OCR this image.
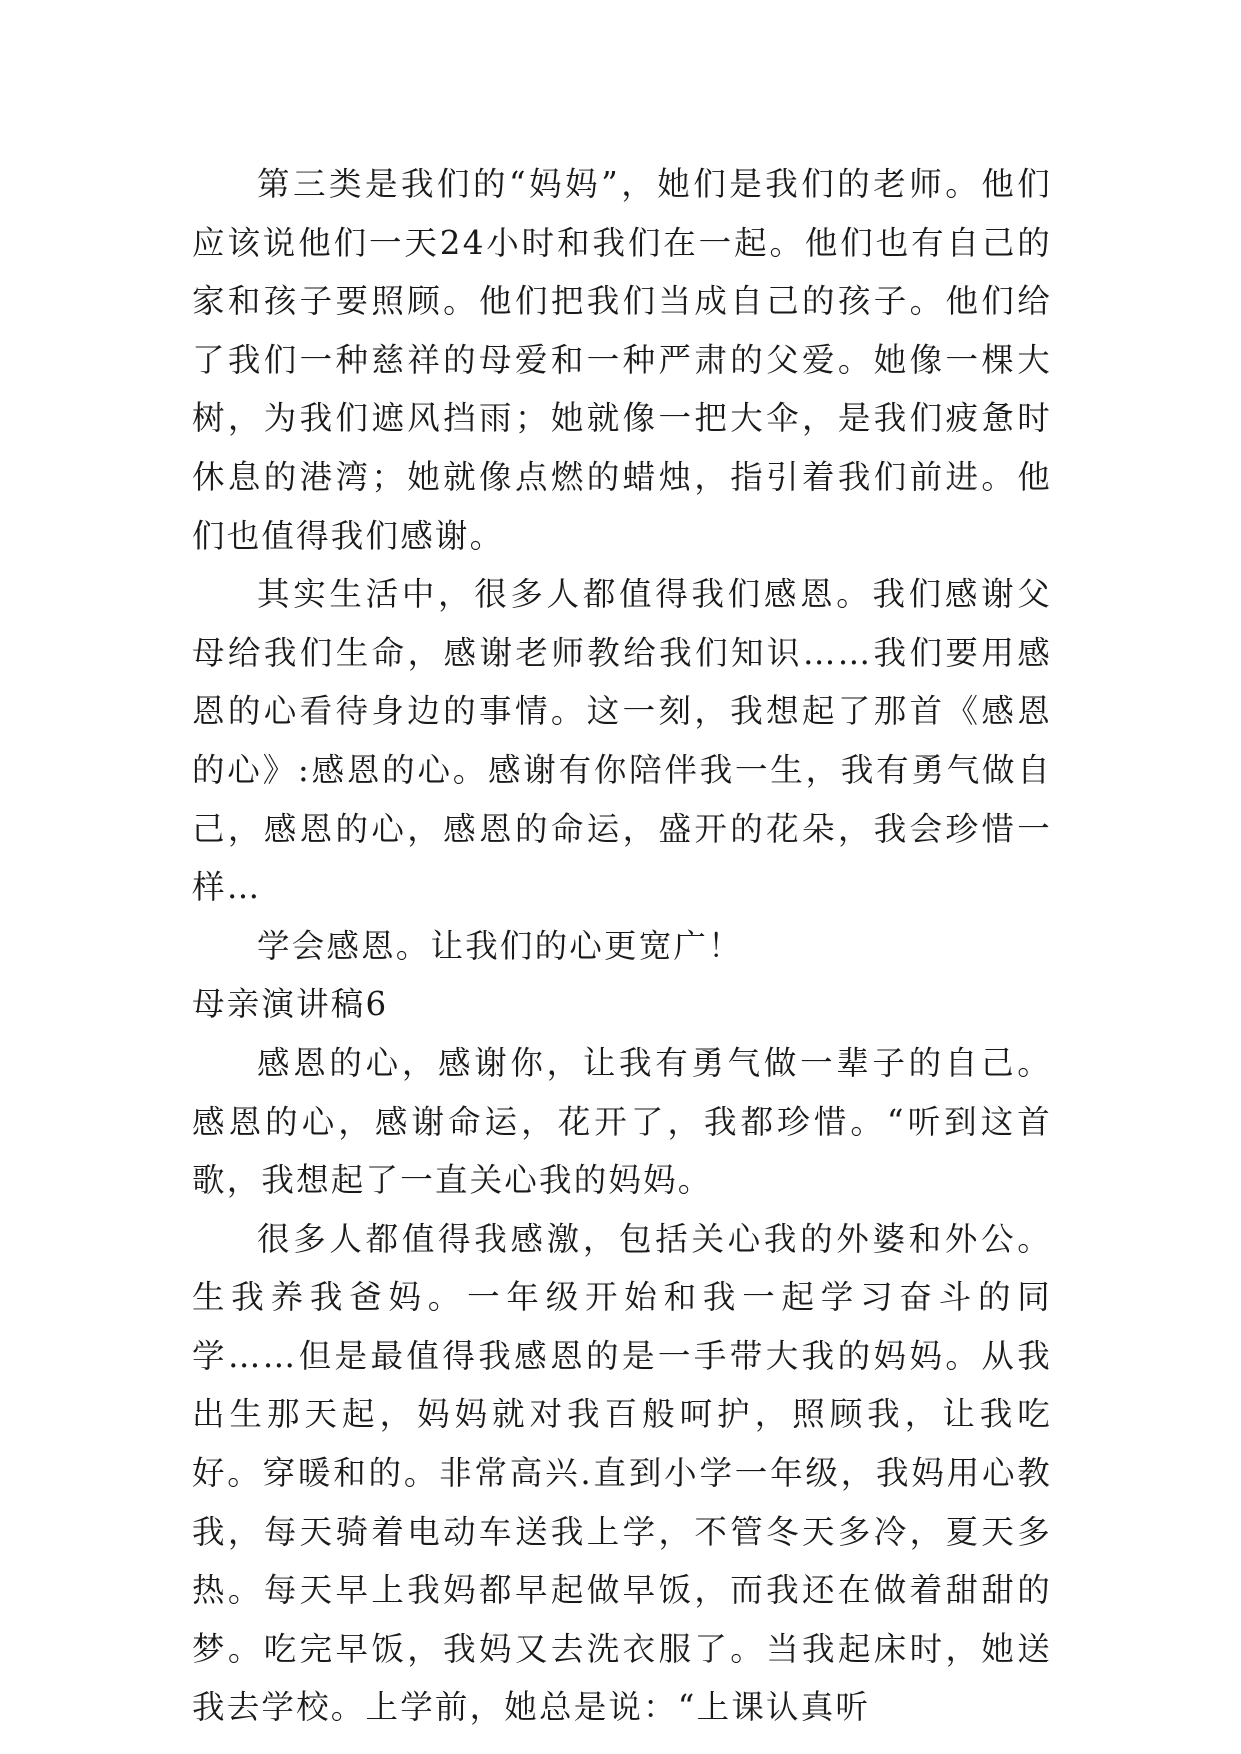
第三类是我们的“妈妈”，她们是我们的老师。他们应该说他们一天24小时和我们在一起。他们也有自己的家和孩子要照顾。他们把我们当成自己的孩子。他们给了我们一种慈祥的母爱和一种严肃的父爱。她像一棵大树，为我们遮风挡雨；她就像一把大伞，是我们疲惫时休息的港湾；她就像点燃的蜡烛，指引着我们前进。他们也值得我们感谢。

其实生活中，很多人都值得我们感恩。我们感谢父母给我们生命，感谢老师教给我们知识……我们要用感恩的心看待身边的事情。这一刻，我想起了那首《感恩的心》:感恩的心。感谢有你陪伴我一生，我有勇气做自己，感恩的心，感恩的命运，盛开的花朵，我会珍惜一样…

学会感恩。让我们的心更宽广！

母亲演讲稿6

感恩的心，感谢你，让我有勇气做一辈子的自己。感恩的心，感谢命运，花开了，我都珍惜。“听到这首歌，我想起了一直关心我的妈妈。

很多人都值得我感激，包括关心我的外婆和外公。生我养我爸妈。一年级开始和我一起学习奋斗的同学……但是最值得我感恩的是一手带大我的妈妈。从我出生那天起，妈妈就对我百般呵护，照顾我，让我吃好。穿暖和的。非常高兴.直到小学一年级，我妈用心教我，每天骑着电动车送我上学，不管冬天多冷，夏天多热。每天早上我妈都早起做早饭，而我还在做着甜甜的梦。吃完早饭，我妈又去洗衣服了。当我起床时，她送我去学校。上学前，她总是说：“上课认真听
